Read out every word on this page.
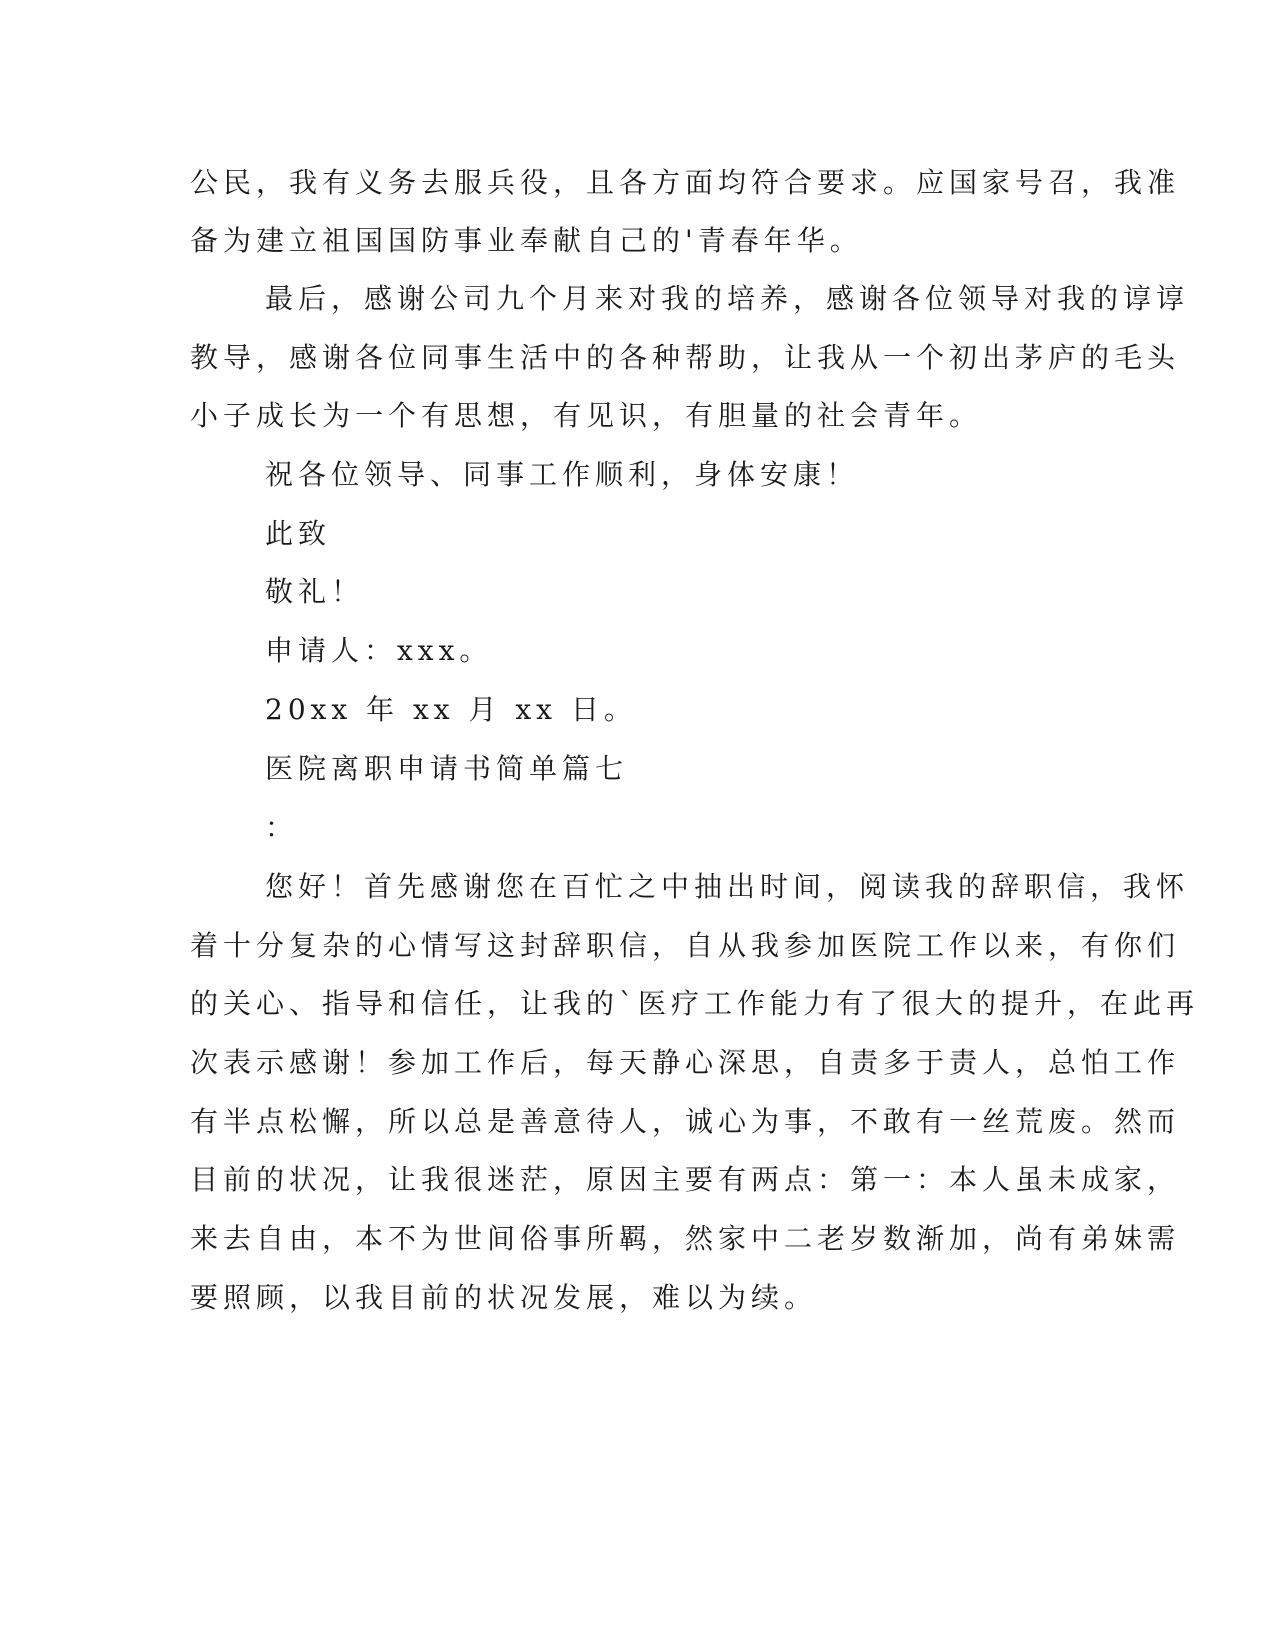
公民，我有义务去服兵役，且各方面均符合要求。应国家号召，我准
备为建立祖国国防事业奉献自己的'青春年华。
最后，感谢公司九个月来对我的培养，感谢各位领导对我的谆谆
教导，感谢各位同事生活中的各种帮助，让我从一个初出茅庐的毛头
小子成长为一个有思想，有见识，有胆量的社会青年。
祝各位领导、同事工作顺利，身体安康！
此致
敬礼！
申请人：xxx。
20xx 年 xx 月 xx 日。
医院离职申请书简单篇七
：
您好！首先感谢您在百忙之中抽出时间，阅读我的辞职信，我怀
着十分复杂的心情写这封辞职信，自从我参加医院工作以来，有你们
的关心、指导和信任，让我的`医疗工作能力有了很大的提升，在此再
次表示感谢！参加工作后，每天静心深思，自责多于责人，总怕工作
有半点松懈，所以总是善意待人，诚心为事，不敢有一丝荒废。然而
目前的状况，让我很迷茫，原因主要有两点：第一：本人虽未成家，
来去自由，本不为世间俗事所羁，然家中二老岁数渐加，尚有弟妹需
要照顾，以我目前的状况发展，难以为续。
